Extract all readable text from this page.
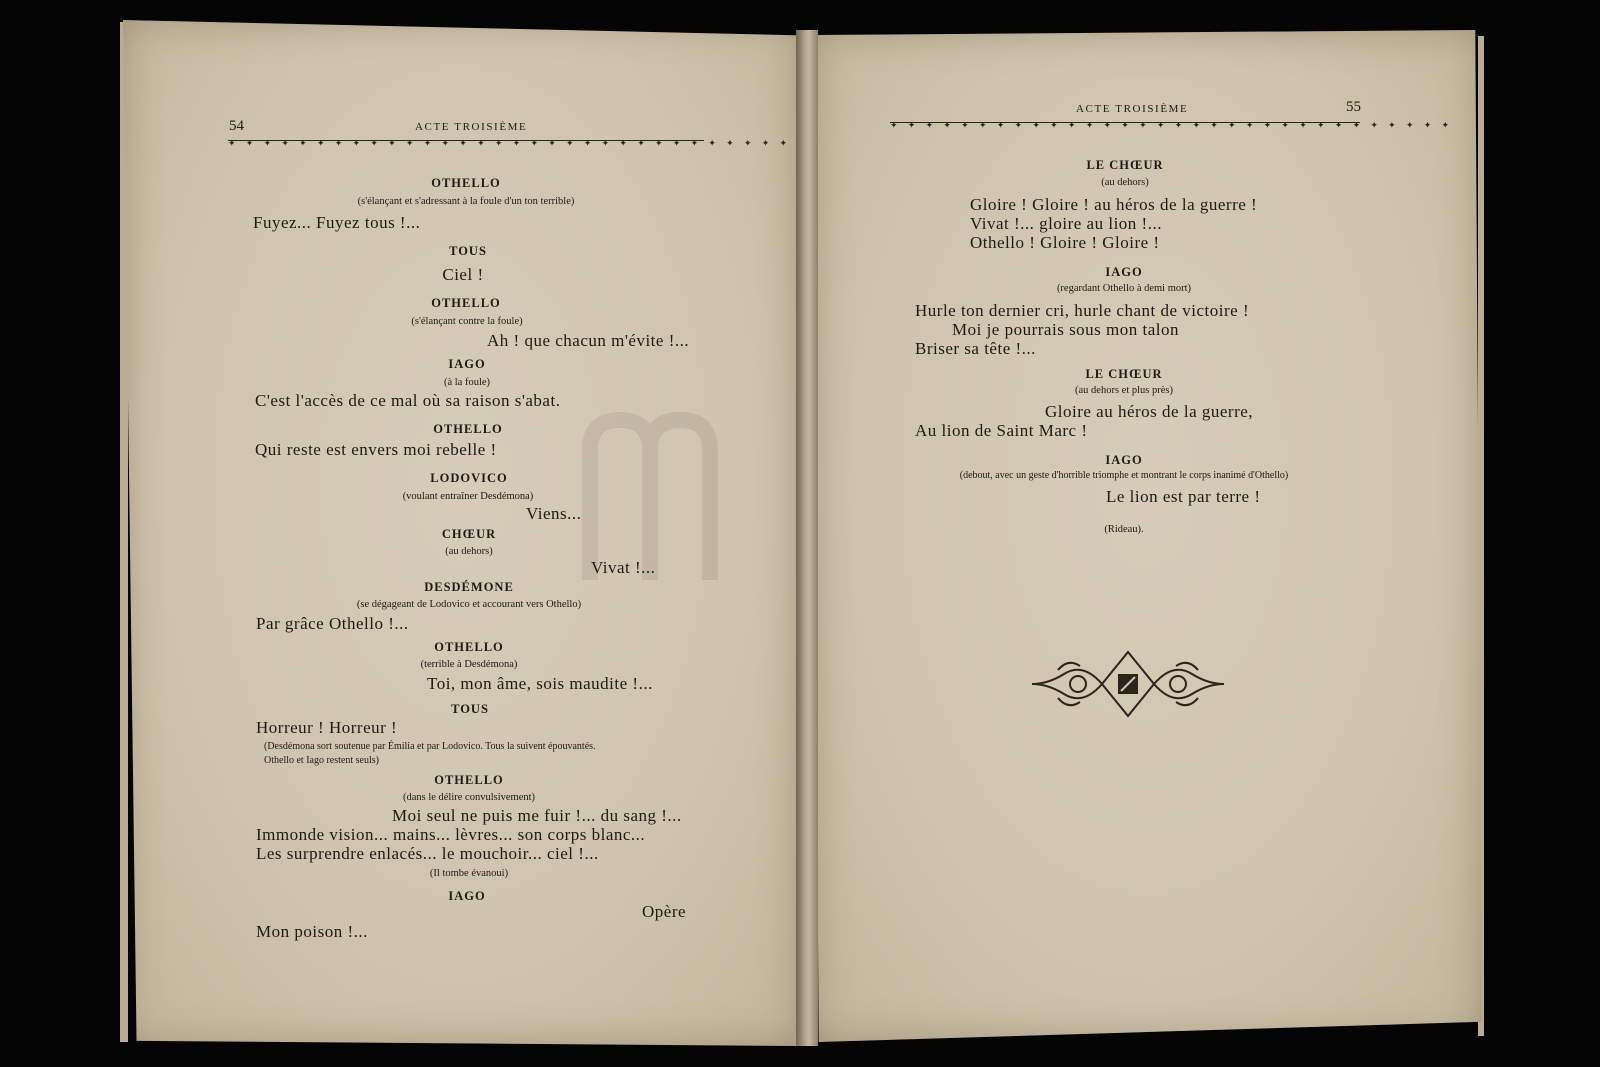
54	ACTE TROISIÈME
✦ ✦ ✦ ✦ ✦ ✦ ✦ ✦ ✦ ✦ ✦ ✦ ✦ ✦ ✦ ✦ ✦ ✦ ✦ ✦ ✦ ✦ ✦ ✦ ✦ ✦ ✦ ✦ ✦ ✦ ✦ ✦
OTHELLO
(s'élançant et s'adressant à la foule d'un ton terrible)
Fuyez... Fuyez tous !...
TOUS
Ciel !
OTHELLO
(s'élançant contre la foule)
Ah ! que chacun m'évite !...
IAGO
(à la foule)
C'est l'accès de ce mal où sa raison s'abat.
OTHELLO
Qui reste est envers moi rebelle !
LODOVICO
(voulant entraîner Desdémona)
Viens...
CHŒUR
(au dehors)
Vivat !...
DESDÉMONE
(se dégageant de Lodovico et accourant vers Othello)
Par grâce Othello !...
OTHELLO
(terrible à Desdémona)
Toi, mon âme, sois maudite !...
TOUS
Horreur ! Horreur !
(Desdémona sort soutenue par Émilia et par Lodovico. Tous la suivent épouvantés.
Othello et Iago restent seuls)
OTHELLO
(dans le délire convulsivement)
Moi seul ne puis me fuir !... du sang !...
Immonde vision... mains... lèvres... son corps blanc...
Les surprendre enlacés... le mouchoir... ciel !...
(Il tombe évanoui)
IAGO
Opère
Mon poison !...
ACTE TROISIÈME	55
✦ ✦ ✦ ✦ ✦ ✦ ✦ ✦ ✦ ✦ ✦ ✦ ✦ ✦ ✦ ✦ ✦ ✦ ✦ ✦ ✦ ✦ ✦ ✦ ✦ ✦ ✦ ✦ ✦ ✦ ✦ ✦
LE CHŒUR
(au dehors)
Gloire ! Gloire ! au héros de la guerre !
Vivat !... gloire au lion !...
Othello ! Gloire ! Gloire !
IAGO
(regardant Othello à demi mort)
Hurle ton dernier cri, hurle chant de victoire !
Moi je pourrais sous mon talon
Briser sa tête !...
LE CHŒUR
(au dehors et plus près)
Gloire au héros de la guerre,
Au lion de Saint Marc !
IAGO
(debout, avec un geste d'horrible triomphe et montrant le corps inanimé d'Othello)
Le lion est par terre !
(Rideau).
